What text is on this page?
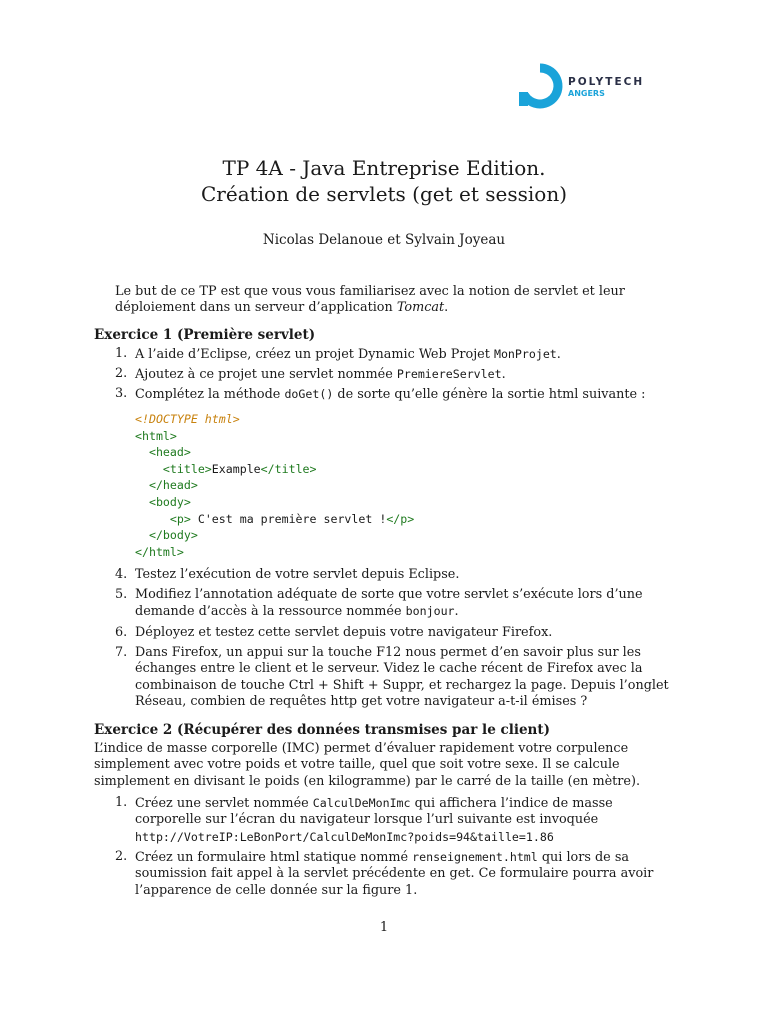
POLYTECH
ANGERS
TP 4A - Java Entreprise Edition.
Création de servlets (get et session)
Nicolas Delanoue et Sylvain Joyeau
Le but de ce TP est que vous vous familiarisez avec la notion de servlet et leur déploiement dans un serveur d’application Tomcat.
Exercice 1 (Première servlet)
1. A l’aide d’Eclipse, créez un projet Dynamic Web Projet MonProjet.
2. Ajoutez à ce projet une servlet nommée PremiereServlet.
3. Complétez la méthode doGet() de sorte qu’elle génère la sortie html suivante :
<!DOCTYPE html>
<html>
<head>
<title>Example</title>
</head>
<body>
<p> C'est ma première servlet !</p>
</body>
</html>
4. Testez l’exécution de votre servlet depuis Eclipse.
5. Modifiez l’annotation adéquate de sorte que votre servlet s’exécute lors d’une demande d’accès à la ressource nommée bonjour.
6. Déployez et testez cette servlet depuis votre navigateur Firefox.
7. Dans Firefox, un appui sur la touche F12 nous permet d’en savoir plus sur les échanges entre le client et le serveur. Videz le cache récent de Firefox avec la combinaison de touche Ctrl + Shift + Suppr, et rechargez la page. Depuis l’onglet Réseau, combien de requêtes http get votre navigateur a-t-il émises ?
Exercice 2 (Récupérer des données transmises par le client)
L’indice de masse corporelle (IMC) permet d’évaluer rapidement votre corpulence simplement avec votre poids et votre taille, quel que soit votre sexe. Il se calcule simplement en divisant le poids (en kilogramme) par le carré de la taille (en mètre).
1. Créez une servlet nommée CalculDeMonImc qui affichera l’indice de masse corporelle sur l’écran du navigateur lorsque l’url suivante est invoquée
http://VotreIP:LeBonPort/CalculDeMonImc?poids=94&taille=1.86
2. Créez un formulaire html statique nommé renseignement.html qui lors de sa soumission fait appel à la servlet précédente en get. Ce formulaire pourra avoir l’apparence de celle donnée sur la figure 1.
1
